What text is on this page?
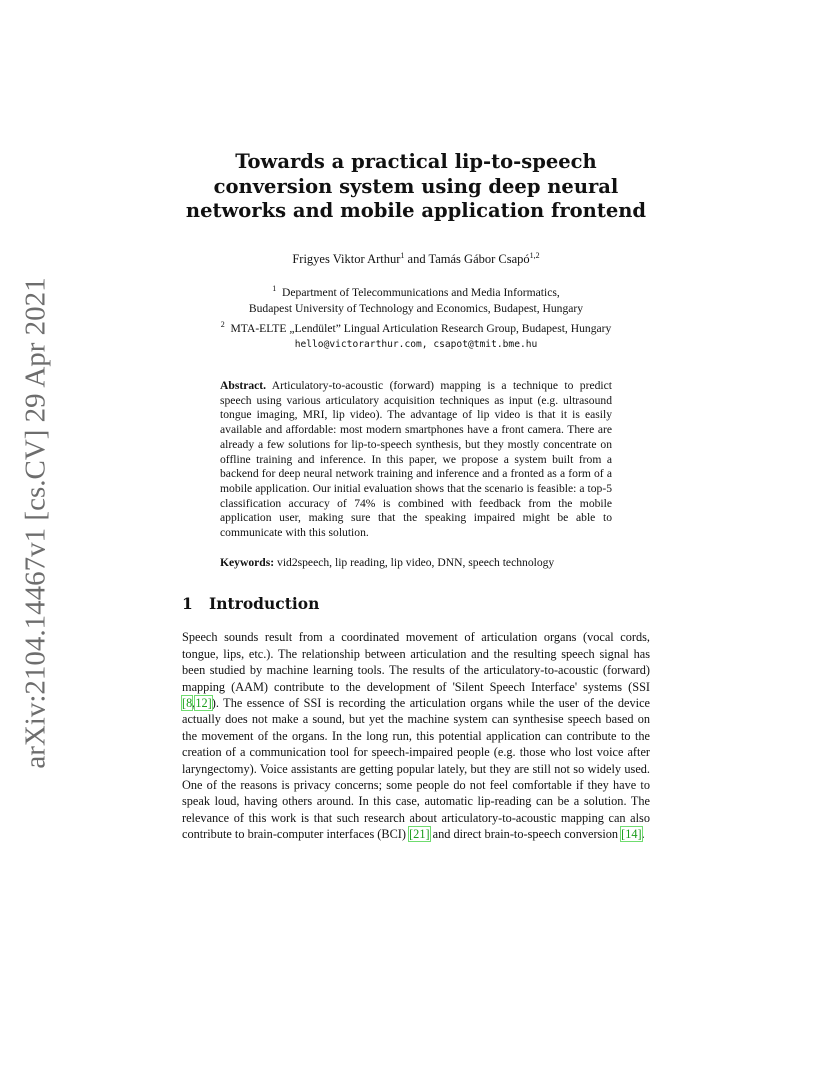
arXiv:2104.14467v1 [cs.CV] 29 Apr 2021
Towards a practical lip-to-speech conversion system using deep neural networks and mobile application frontend
Frigyes Viktor Arthur$^1$ and Tamás Gábor Csapó$^{1,2}$
$^1$ Department of Telecommunications and Media Informatics,
Budapest University of Technology and Economics, Budapest, Hungary
$^2$ MTA-ELTE „Lendület” Lingual Articulation Research Group, Budapest, Hungary
hello@victorarthur.com, csapot@tmit.bme.hu
Abstract. Articulatory-to-acoustic (forward) mapping is a technique to predict speech using various articulatory acquisition techniques as input (e.g. ultrasound tongue imaging, MRI, lip video). The advantage of lip video is that it is easily available and affordable: most modern smartphones have a front camera. There are already a few solutions for lip-to-speech synthesis, but they mostly concentrate on offline training and inference. In this paper, we propose a system built from a backend for deep neural network training and inference and a fronted as a form of a mobile application. Our initial evaluation shows that the scenario is feasible: a top-5 classification accuracy of 74% is combined with feedback from the mobile application user, making sure that the speaking impaired might be able to communicate with this solution.
Keywords: vid2speech, lip reading, lip video, DNN, speech technology
1 Introduction
Speech sounds result from a coordinated movement of articulation organs (vocal cords, tongue, lips, etc.). The relationship between articulation and the resulting speech signal has been studied by machine learning tools. The results of the articulatory-to-acoustic (forward) mapping (AAM) contribute to the development of 'Silent Speech Interface' systems (SSI [8,12]). The essence of SSI is recording the articulation organs while the user of the device actually does not make a sound, but yet the machine system can synthesise speech based on the movement of the organs. In the long run, this potential application can contribute to the creation of a communication tool for speech-impaired people (e.g. those who lost voice after laryngectomy). Voice assistants are getting popular lately, but they are still not so widely used. One of the reasons is privacy concerns; some people do not feel comfortable if they have to speak loud, having others around. In this case, automatic lip-reading can be a solution. The relevance of this work is that such research about articulatory-to-acoustic mapping can also contribute to brain-computer interfaces (BCI) [21] and direct brain-to-speech conversion [14].
